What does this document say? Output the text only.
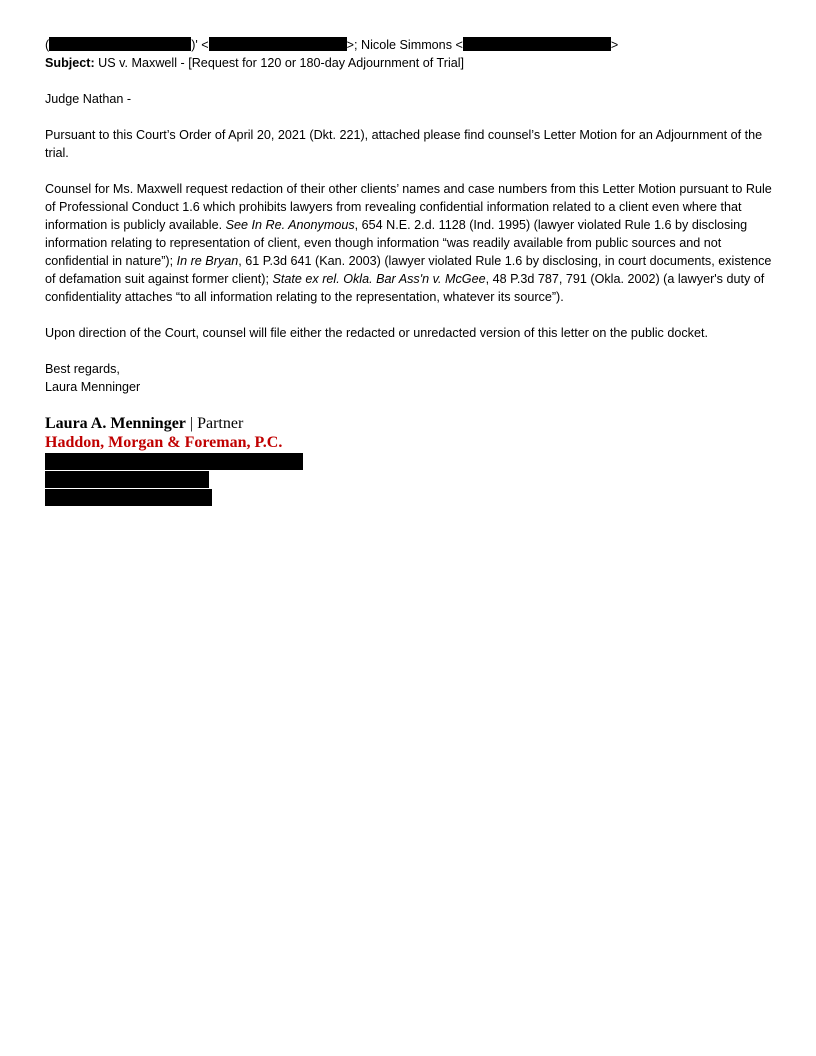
(	)' <	>; Nicole Simmons <	>
Subject: US v. Maxwell - [Request for 120 or 180-day Adjournment of Trial]

Judge Nathan -

Pursuant to this Court’s Order of April 20, 2021 (Dkt. 221), attached please find counsel’s Letter Motion for an Adjournment of the trial.

Counsel for Ms. Maxwell request redaction of their other clients’ names and case numbers from this Letter Motion pursuant to Rule of Professional Conduct 1.6 which prohibits lawyers from revealing confidential information related to a client even where that information is publicly available. See In Re. Anonymous, 654 N.E. 2.d. 1128 (Ind. 1995) (lawyer violated Rule 1.6 by disclosing information relating to representation of client, even though information “was readily available from public sources and not confidential in nature”); In re Bryan, 61 P.3d 641 (Kan. 2003) (lawyer violated Rule 1.6 by disclosing, in court documents, existence of defamation suit against former client); State ex rel. Okla. Bar Ass'n v. McGee, 48 P.3d 787, 791 (Okla. 2002) (a lawyer's duty of confidentiality attaches “to all information relating to the representation, whatever its source”).

Upon direction of the Court, counsel will file either the redacted or unredacted version of this letter on the public docket.

Best regards,

Laura Menninger

Laura A. Menninger | Partner
Haddon, Morgan & Foreman, P.C.
